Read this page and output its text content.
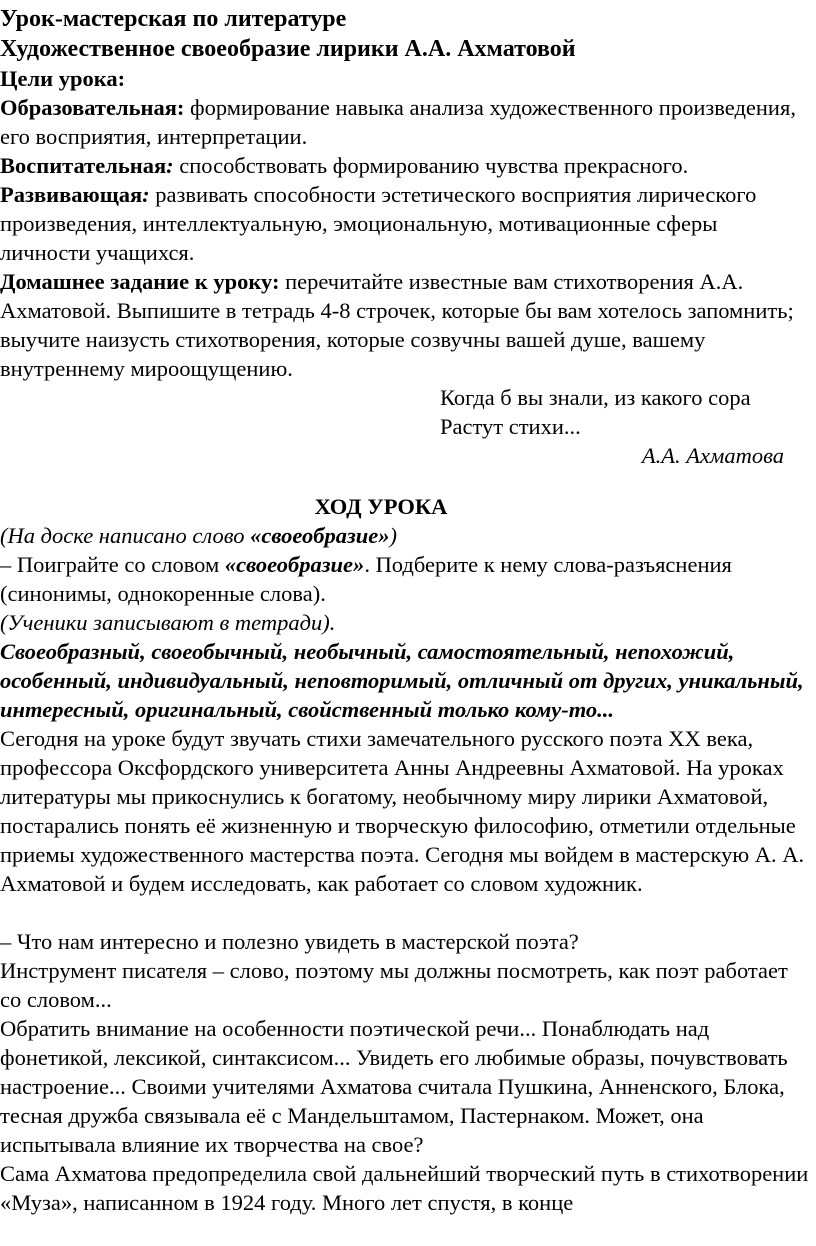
Урок-мастерская по литературе
Художественное своеобразие лирики А.А. Ахматовой
Цели урока:
Образовательная: формирование навыка анализа художественного произведения, его восприятия, интерпретации.
Воспитательная: способствовать формированию чувства прекрасного.
Развивающая: развивать способности эстетического восприятия лирического произведения, интеллектуальную, эмоциональную, мотивационные сферы личности учащихся.
Домашнее задание к уроку: перечитайте известные вам стихотворения А.А. Ахматовой. Выпишите в тетрадь 4-8 строчек, которые бы вам хотелось запомнить; выучите наизусть стихотворения, которые созвучны вашей душе, вашему внутреннему мироощущению.
Когда б вы знали, из какого сора
Растут стихи...
А.А. Ахматова
ХОД УРОКА
(На доске написано слово «своеобразие»)
– Поиграйте со словом «своеобразие». Подберите к нему слова-разъяснения (синонимы, однокоренные слова).
(Ученики записывают в тетради).
Своеобразный, своеобычный, необычный, самостоятельный, непохожий, особенный, индивидуальный, неповторимый, отличный от других, уникальный, интересный, оригинальный, свойственный только кому-то...
Сегодня на уроке будут звучать стихи замечательного русского поэта XX века, профессора Оксфордского университета Анны Андреевны Ахматовой. На уроках литературы мы прикоснулись к богатому, необычному миру лирики Ахматовой, постарались понять её жизненную и творческую философию, отметили отдельные приемы художественного мастерства поэта. Сегодня мы войдем в мастерскую А. А. Ахматовой и будем исследовать, как работает со словом художник.
– Что нам интересно и полезно увидеть в мастерской поэта?
Инструмент писателя – слово, поэтому мы должны посмотреть, как поэт работает со словом...
Обратить внимание на особенности поэтической речи... Понаблюдать над фонетикой, лексикой, синтаксисом... Увидеть его любимые образы, почувствовать настроение... Своими учителями Ахматова считала Пушкина, Анненского, Блока, тесная дружба связывала её с Мандельштамом, Пастернаком. Может, она испытывала влияние их творчества на свое?
Сама Ахматова предопределила свой дальнейший творческий путь в стихотворении «Муза», написанном в 1924 году. Много лет спустя, в конце
